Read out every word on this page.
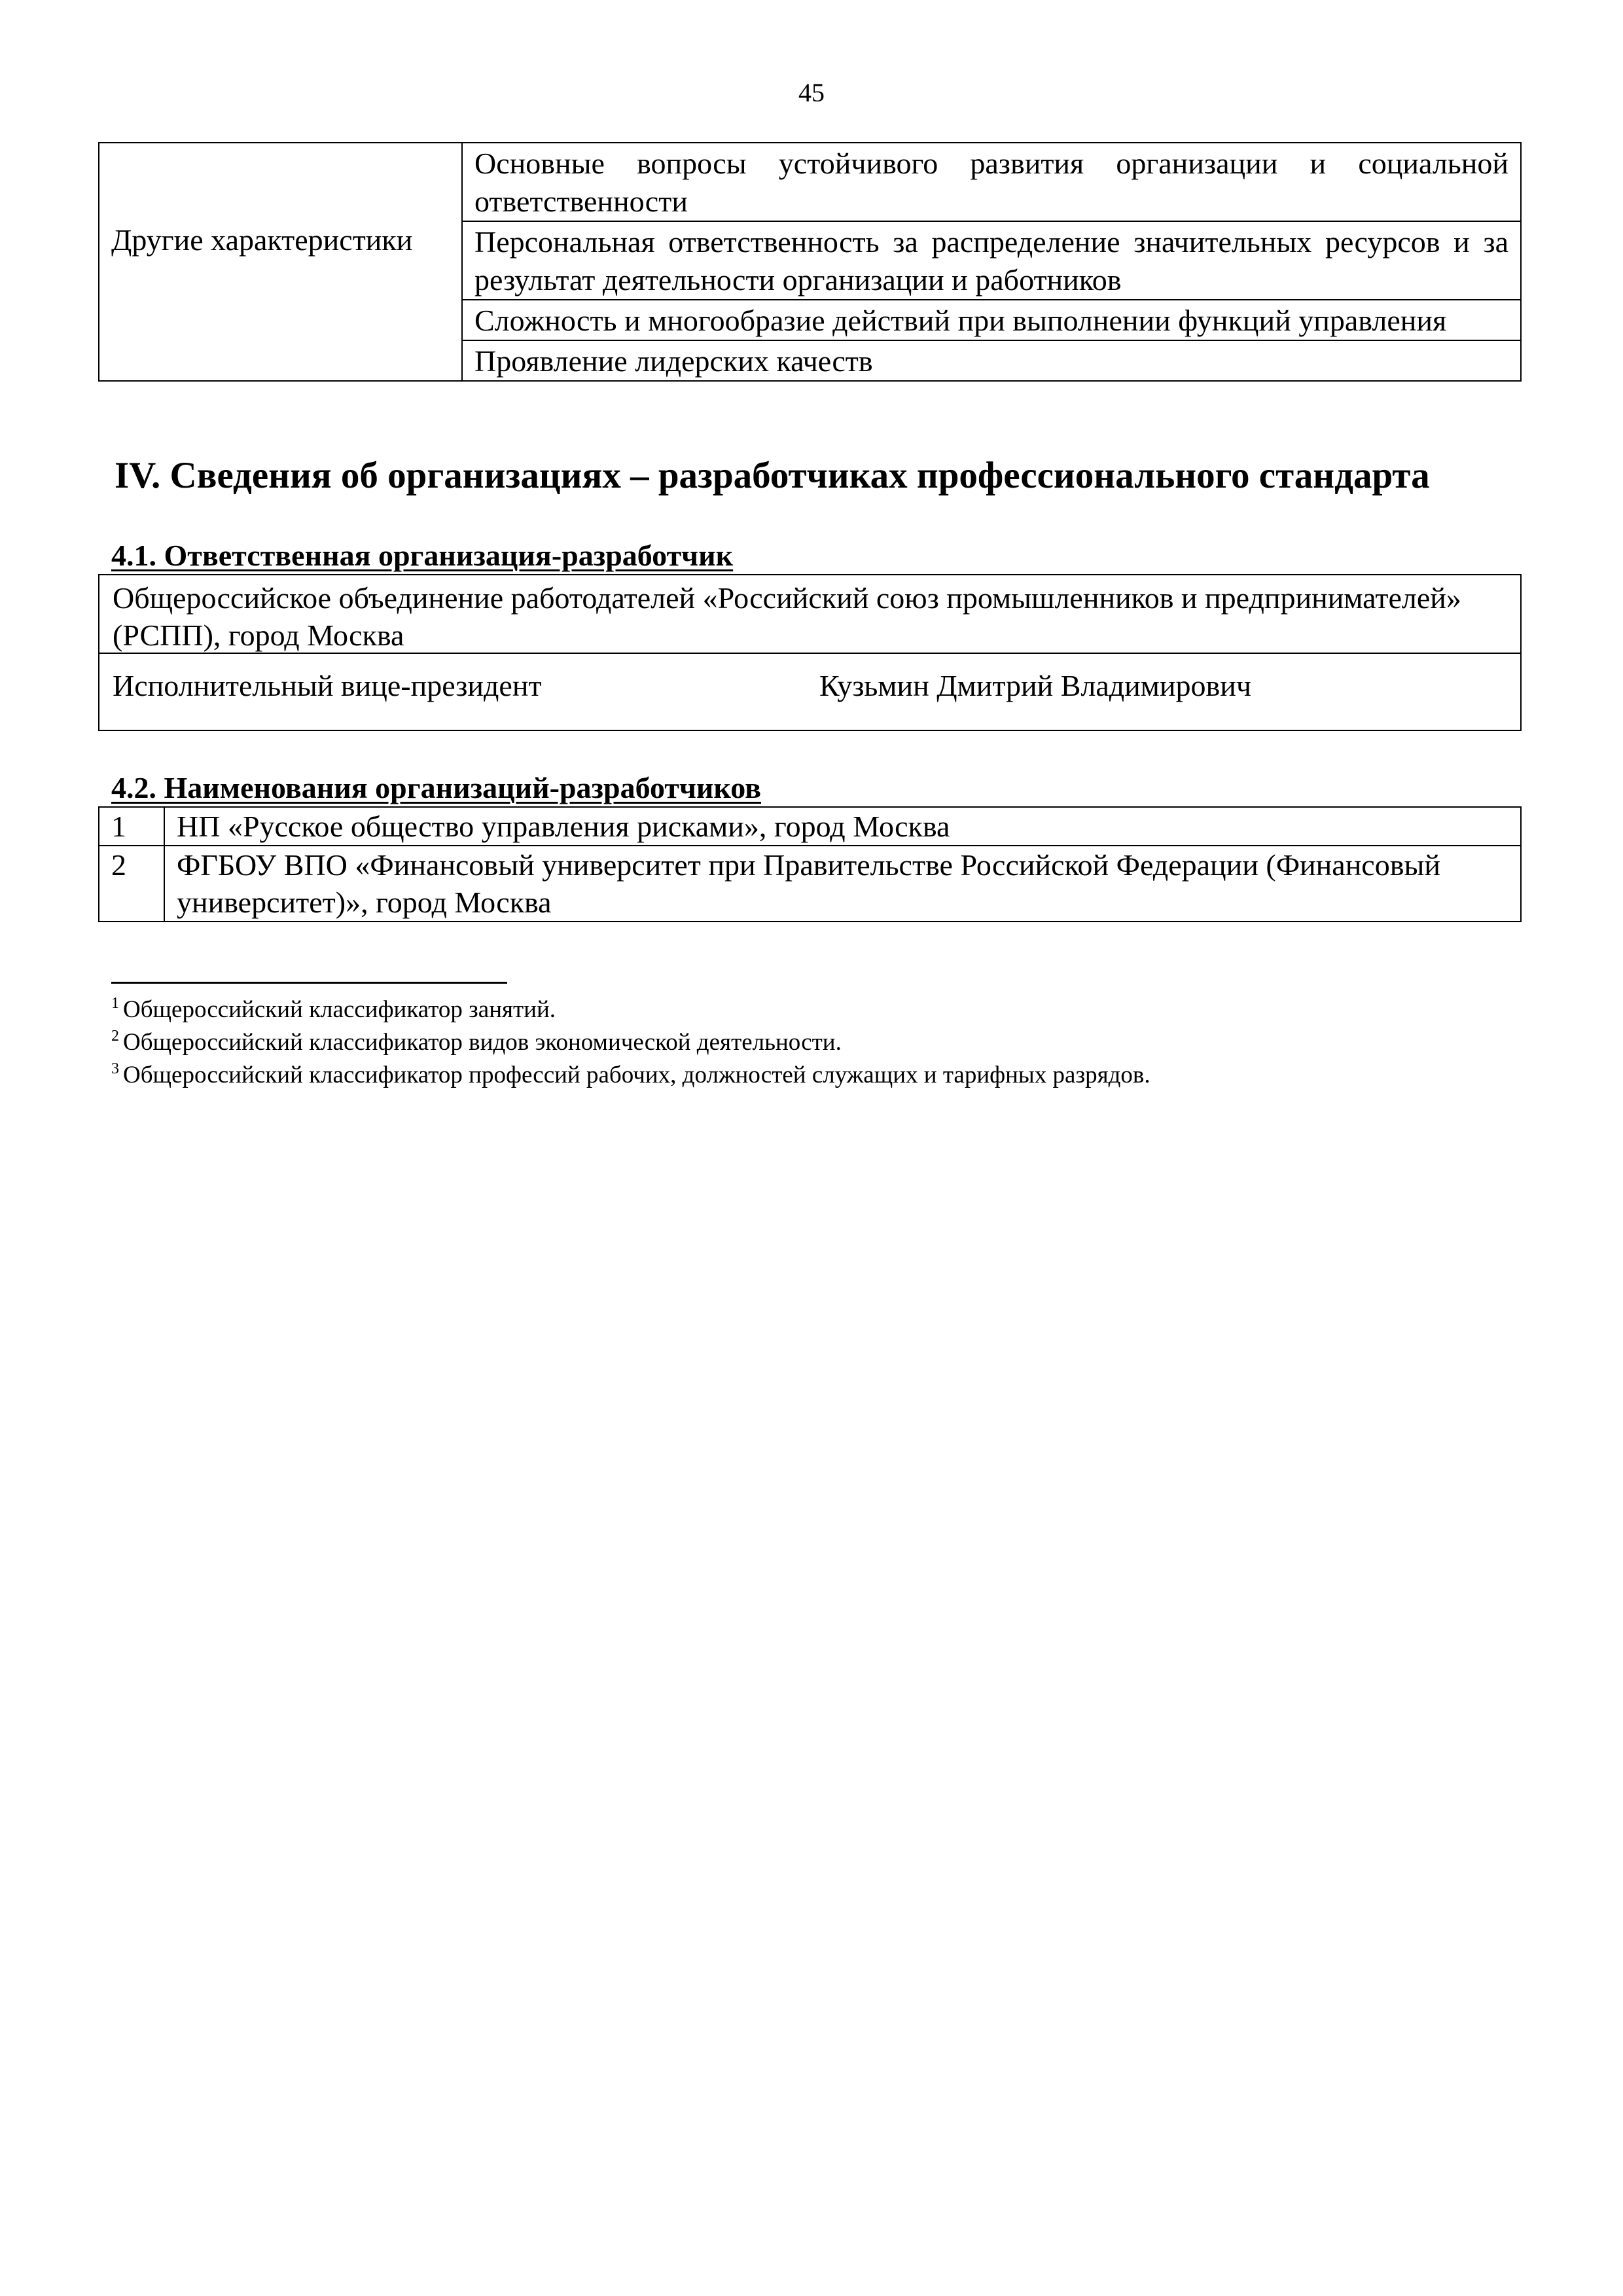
45
	Основные вопросы устойчивого развития организации и социальной ответственности
Другие характеристики	Персональная ответственность за распределение значительных ресурсов и за результат деятельности организации и работников
	Сложность и многообразие действий при выполнении функций управления
	Проявление лидерских качеств
IV. Сведения об организациях – разработчиках профессионального стандарта
4.1. Ответственная организация-разработчик
Общероссийское объединение работодателей «Российский союз промышленников и предпринимателей» (РСПП), город Москва
Исполнительный вице-президент	Кузьмин Дмитрий Владимирович
4.2. Наименования организаций-разработчиков
1	НП «Русское общество управления рисками», город Москва
2	ФГБОУ ВПО «Финансовый университет при Правительстве Российской Федерации (Финансовый университет)», город Москва
$^1$ Общероссийский классификатор занятий.
$^2$ Общероссийский классификатор видов экономической деятельности.
$^3$ Общероссийский классификатор профессий рабочих, должностей служащих и тарифных разрядов.
